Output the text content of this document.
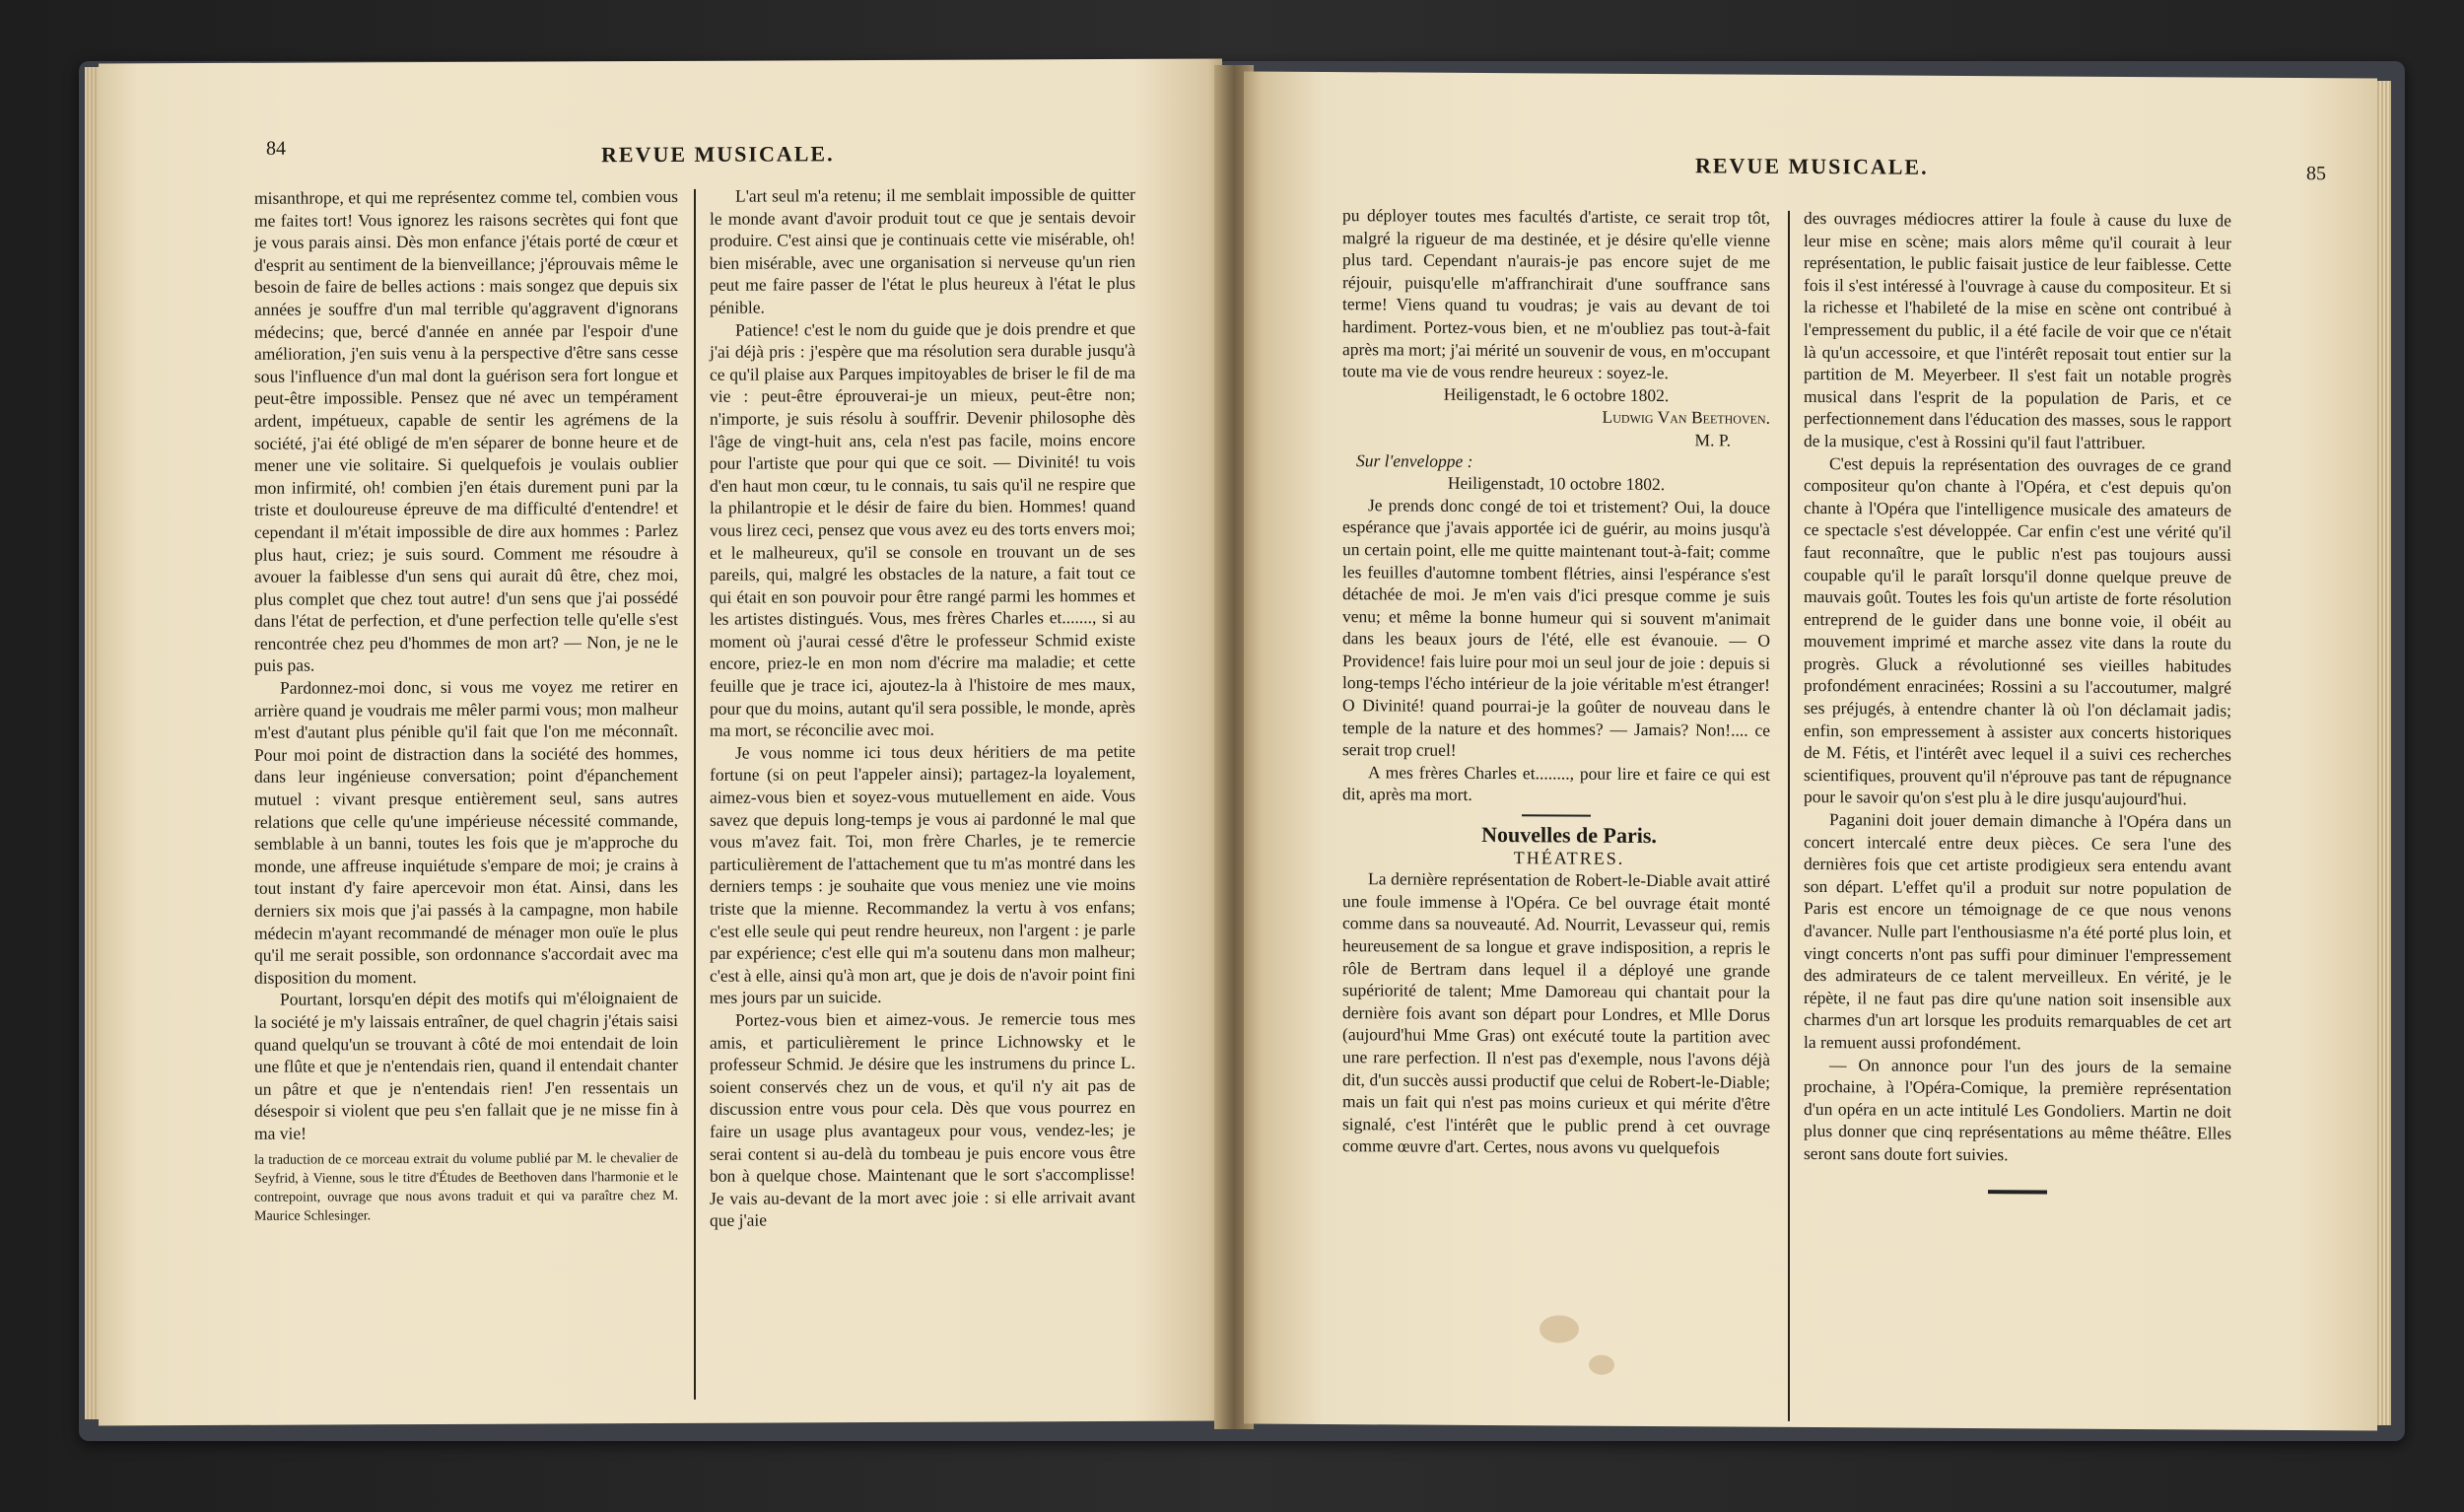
84	REVUE MUSICALE.

misanthrope, et qui me représentez comme tel, combien vous me faites tort! Vous ignorez les raisons secrètes qui font que je vous parais ainsi. Dès mon enfance j'étais porté de cœur et d'esprit au sentiment de la bienveillance; j'éprouvais même le besoin de faire de belles actions : mais songez que depuis six années je souffre d'un mal terrible qu'aggravent d'ignorans médecins; que, bercé d'année en année par l'espoir d'une amélioration, j'en suis venu à la perspective d'être sans cesse sous l'influence d'un mal dont la guérison sera fort longue et peut-être impossible. Pensez que né avec un tempérament ardent, impétueux, capable de sentir les agrémens de la société, j'ai été obligé de m'en séparer de bonne heure et de mener une vie solitaire. Si quelquefois je voulais oublier mon infirmité, oh! combien j'en étais durement puni par la triste et douloureuse épreuve de ma difficulté d'entendre! et cependant il m'était impossible de dire aux hommes : Parlez plus haut, criez; je suis sourd. Comment me résoudre à avouer la faiblesse d'un sens qui aurait dû être, chez moi, plus complet que chez tout autre! d'un sens que j'ai possédé dans l'état de perfection, et d'une perfection telle qu'elle s'est rencontrée chez peu d'hommes de mon art? — Non, je ne le puis pas.

Pardonnez-moi donc, si vous me voyez me retirer en arrière quand je voudrais me mêler parmi vous; mon malheur m'est d'autant plus pénible qu'il fait que l'on me méconnaît. Pour moi point de distraction dans la société des hommes, dans leur ingénieuse conversation; point d'épanchement mutuel : vivant presque entièrement seul, sans autres relations que celle qu'une impérieuse nécessité commande, semblable à un banni, toutes les fois que je m'approche du monde, une affreuse inquiétude s'empare de moi; je crains à tout instant d'y faire apercevoir mon état. Ainsi, dans les derniers six mois que j'ai passés à la campagne, mon habile médecin m'ayant recommandé de ménager mon ouïe le plus qu'il me serait possible, son ordonnance s'accordait avec ma disposition du moment.

Pourtant, lorsqu'en dépit des motifs qui m'éloignaient de la société je m'y laissais entraîner, de quel chagrin j'étais saisi quand quelqu'un se trouvant à côté de moi entendait de loin une flûte et que je n'entendais rien, quand il entendait chanter un pâtre et que je n'entendais rien! J'en ressentais un désespoir si violent que peu s'en fallait que je ne misse fin à ma vie!

la traduction de ce morceau extrait du volume publié par M. le chevalier de Seyfrid, à Vienne, sous le titre d'Études de Beethoven dans l'harmonie et le contrepoint, ouvrage que nous avons traduit et qui va paraître chez M. Maurice Schlesinger.

L'art seul m'a retenu; il me semblait impossible de quitter le monde avant d'avoir produit tout ce que je sentais devoir produire. C'est ainsi que je continuais cette vie misérable, oh! bien misérable, avec une organisation si nerveuse qu'un rien peut me faire passer de l'état le plus heureux à l'état le plus pénible.

Patience! c'est le nom du guide que je dois prendre et que j'ai déjà pris : j'espère que ma résolution sera durable jusqu'à ce qu'il plaise aux Parques impitoyables de briser le fil de ma vie : peut-être éprouverai-je un mieux, peut-être non; n'importe, je suis résolu à souffrir. Devenir philosophe dès l'âge de vingt-huit ans, cela n'est pas facile, moins encore pour l'artiste que pour qui que ce soit. — Divinité! tu vois d'en haut mon cœur, tu le connais, tu sais qu'il ne respire que la philantropie et le désir de faire du bien. Hommes! quand vous lirez ceci, pensez que vous avez eu des torts envers moi; et le malheureux, qu'il se console en trouvant un de ses pareils, qui, malgré les obstacles de la nature, a fait tout ce qui était en son pouvoir pour être rangé parmi les hommes et les artistes distingués. Vous, mes frères Charles et......., si au moment où j'aurai cessé d'être le professeur Schmid existe encore, priez-le en mon nom d'écrire ma maladie; et cette feuille que je trace ici, ajoutez-la à l'histoire de mes maux, pour que du moins, autant qu'il sera possible, le monde, après ma mort, se réconcilie avec moi.

Je vous nomme ici tous deux héritiers de ma petite fortune (si on peut l'appeler ainsi); partagez-la loyalement, aimez-vous bien et soyez-vous mutuellement en aide. Vous savez que depuis long-temps je vous ai pardonné le mal que vous m'avez fait. Toi, mon frère Charles, je te remercie particulièrement de l'attachement que tu m'as montré dans les derniers temps : je souhaite que vous meniez une vie moins triste que la mienne. Recommandez la vertu à vos enfans; c'est elle seule qui peut rendre heureux, non l'argent : je parle par expérience; c'est elle qui m'a soutenu dans mon malheur; c'est à elle, ainsi qu'à mon art, que je dois de n'avoir point fini mes jours par un suicide.

Portez-vous bien et aimez-vous. Je remercie tous mes amis, et particulièrement le prince Lichnowsky et le professeur Schmid. Je désire que les instrumens du prince L. soient conservés chez un de vous, et qu'il n'y ait pas de discussion entre vous pour cela. Dès que vous pourrez en faire un usage plus avantageux pour vous, vendez-les; je serai content si au-delà du tombeau je puis encore vous être bon à quelque chose. Maintenant que le sort s'accomplisse! Je vais au-devant de la mort avec joie : si elle arrivait avant que j'aie

REVUE MUSICALE.	85

pu déployer toutes mes facultés d'artiste, ce serait trop tôt, malgré la rigueur de ma destinée, et je désire qu'elle vienne plus tard. Cependant n'aurais-je pas encore sujet de me réjouir, puisqu'elle m'affranchirait d'une souffrance sans terme! Viens quand tu voudras; je vais au devant de toi hardiment. Portez-vous bien, et ne m'oubliez pas tout-à-fait après ma mort; j'ai mérité un souvenir de vous, en m'occupant toute ma vie de vous rendre heureux : soyez-le.

Heiligenstadt, le 6 octobre 1802.

Ludwig Van Beethoven.

M. P.

Sur l'enveloppe :

Heiligenstadt, 10 octobre 1802.

Je prends donc congé de toi et tristement? Oui, la douce espérance que j'avais apportée ici de guérir, au moins jusqu'à un certain point, elle me quitte maintenant tout-à-fait; comme les feuilles d'automne tombent flétries, ainsi l'espérance s'est détachée de moi. Je m'en vais d'ici presque comme je suis venu; et même la bonne humeur qui si souvent m'animait dans les beaux jours de l'été, elle est évanouie. — O Providence! fais luire pour moi un seul jour de joie : depuis si long-temps l'écho intérieur de la joie véritable m'est étranger! O Divinité! quand pourrai-je la goûter de nouveau dans le temple de la nature et des hommes? — Jamais? Non!.... ce serait trop cruel!

A mes frères Charles et........, pour lire et faire ce qui est dit, après ma mort.

Nouvelles de Paris.

THÉATRES.

La dernière représentation de Robert-le-Diable avait attiré une foule immense à l'Opéra. Ce bel ouvrage était monté comme dans sa nouveauté. Ad. Nourrit, Levasseur qui, remis heureusement de sa longue et grave indisposition, a repris le rôle de Bertram dans lequel il a déployé une grande supériorité de talent; Mme Damoreau qui chantait pour la dernière fois avant son départ pour Londres, et Mlle Dorus (aujourd'hui Mme Gras) ont exécuté toute la partition avec une rare perfection. Il n'est pas d'exemple, nous l'avons déjà dit, d'un succès aussi productif que celui de Robert-le-Diable; mais un fait qui n'est pas moins curieux et qui mérite d'être signalé, c'est l'intérêt que le public prend à cet ouvrage comme œuvre d'art. Certes, nous avons vu quelquefois

des ouvrages médiocres attirer la foule à cause du luxe de leur mise en scène; mais alors même qu'il courait à leur représentation, le public faisait justice de leur faiblesse. Cette fois il s'est intéressé à l'ouvrage à cause du compositeur. Et si la richesse et l'habileté de la mise en scène ont contribué à l'empressement du public, il a été facile de voir que ce n'était là qu'un accessoire, et que l'intérêt reposait tout entier sur la partition de M. Meyerbeer. Il s'est fait un notable progrès musical dans l'esprit de la population de Paris, et ce perfectionnement dans l'éducation des masses, sous le rapport de la musique, c'est à Rossini qu'il faut l'attribuer.

C'est depuis la représentation des ouvrages de ce grand compositeur qu'on chante à l'Opéra, et c'est depuis qu'on chante à l'Opéra que l'intelligence musicale des amateurs de ce spectacle s'est développée. Car enfin c'est une vérité qu'il faut reconnaître, que le public n'est pas toujours aussi coupable qu'il le paraît lorsqu'il donne quelque preuve de mauvais goût. Toutes les fois qu'un artiste de forte résolution entreprend de le guider dans une bonne voie, il obéit au mouvement imprimé et marche assez vite dans la route du progrès. Gluck a révolutionné ses vieilles habitudes profondément enracinées; Rossini a su l'accoutumer, malgré ses préjugés, à entendre chanter là où l'on déclamait jadis; enfin, son empressement à assister aux concerts historiques de M. Fétis, et l'intérêt avec lequel il a suivi ces recherches scientifiques, prouvent qu'il n'éprouve pas tant de répugnance pour le savoir qu'on s'est plu à le dire jusqu'aujourd'hui.

Paganini doit jouer demain dimanche à l'Opéra dans un concert intercalé entre deux pièces. Ce sera l'une des dernières fois que cet artiste prodigieux sera entendu avant son départ. L'effet qu'il a produit sur notre population de Paris est encore un témoignage de ce que nous venons d'avancer. Nulle part l'enthousiasme n'a été porté plus loin, et vingt concerts n'ont pas suffi pour diminuer l'empressement des admirateurs de ce talent merveilleux. En vérité, je le répète, il ne faut pas dire qu'une nation soit insensible aux charmes d'un art lorsque les produits remarquables de cet art la remuent aussi profondément.

— On annonce pour l'un des jours de la semaine prochaine, à l'Opéra-Comique, la première représentation d'un opéra en un acte intitulé Les Gondoliers. Martin ne doit plus donner que cinq représentations au même théâtre. Elles seront sans doute fort suivies.
